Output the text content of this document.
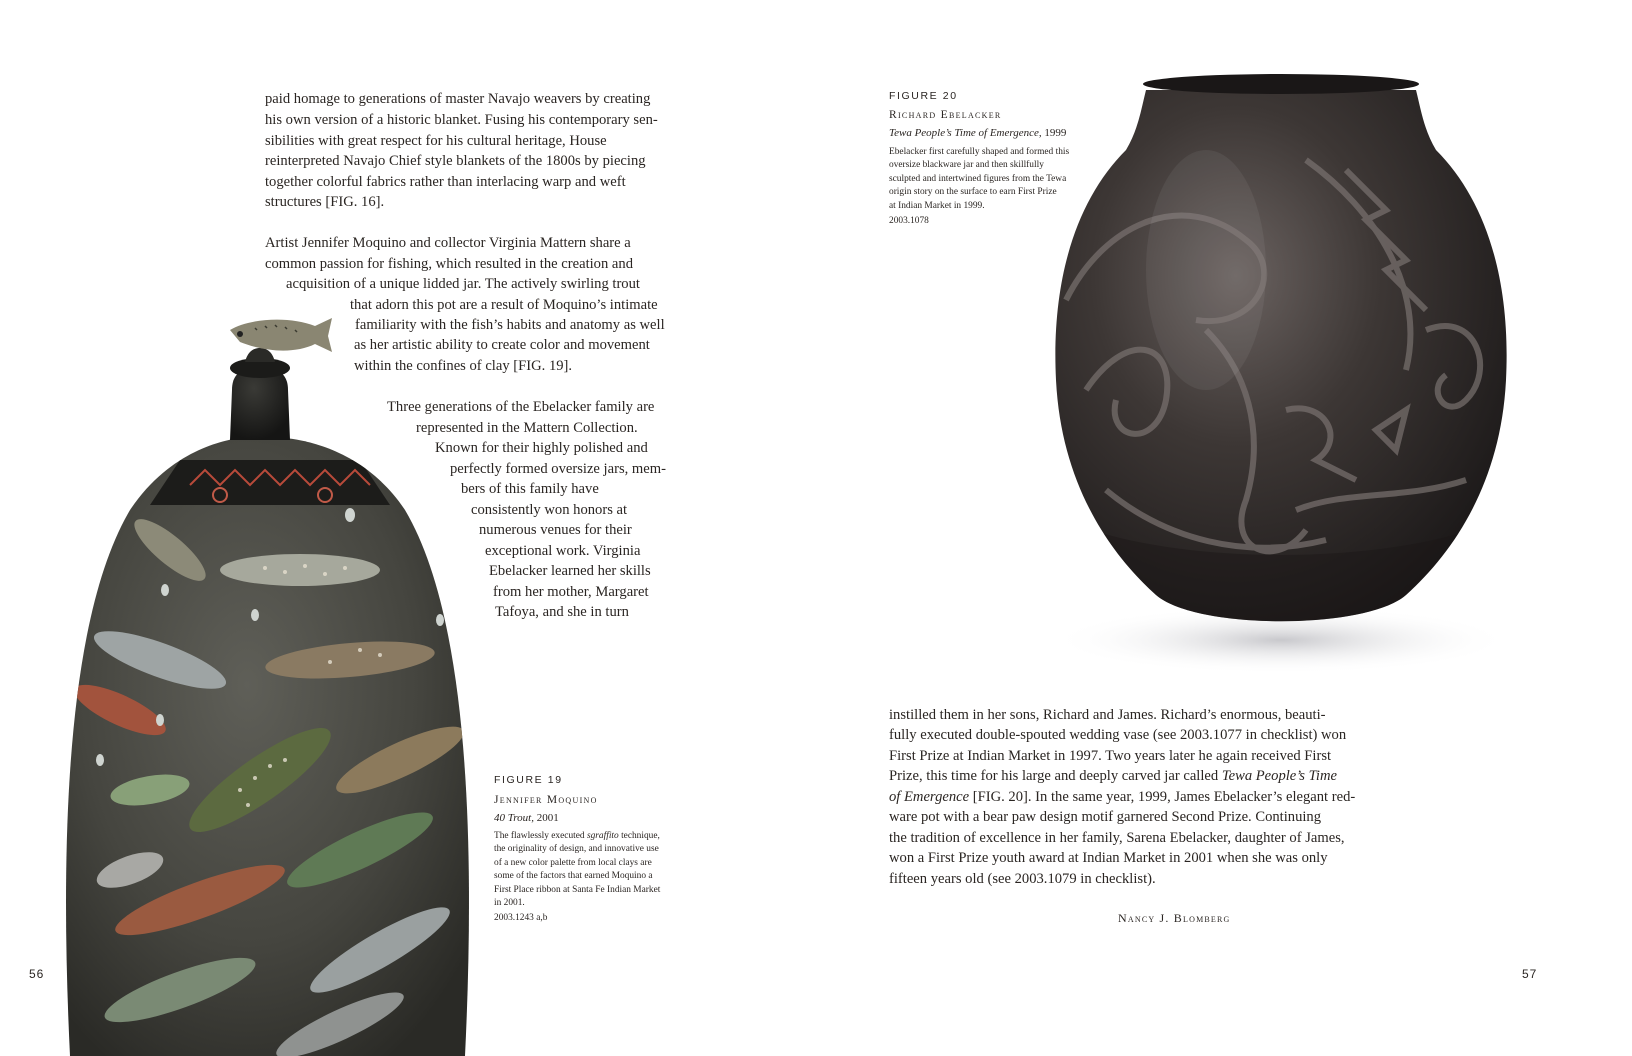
paid homage to generations of master Navajo weavers by creating
his own version of a historic blanket. Fusing his contemporary sen-
sibilities with great respect for his cultural heritage, House
reinterpreted Navajo Chief style blankets of the 1800s by piecing
together colorful fabrics rather than interlacing warp and weft
structures [FIG. 16].
Artist Jennifer Moquino and collector Virginia Mattern share a
common passion for fishing, which resulted in the creation and
acquisition of a unique lidded jar. The actively swirling trout
that adorn this pot are a result of Moquino’s intimate
familiarity with the fish’s habits and anatomy as well
as her artistic ability to create color and movement
within the confines of clay [FIG. 19].
Three generations of the Ebelacker family are
represented in the Mattern Collection.
Known for their highly polished and
perfectly formed oversize jars, mem-
bers of this family have
consistently won honors at
numerous venues for their
exceptional work. Virginia
Ebelacker learned her skills
from her mother, Margaret
Tafoya, and she in turn
FIGURE 19
Jennifer Moquino
40 Trout, 2001
The flawlessly executed sgraffito technique,
the originality of design, and innovative use
of a new color palette from local clays are
some of the factors that earned Moquino a
First Place ribbon at Santa Fe Indian Market
in 2001.
2003.1243 a,b
56
FIGURE 20
Richard Ebelacker
Tewa People’s Time of Emergence, 1999
Ebelacker first carefully shaped and formed this
oversize blackware jar and then skillfully
sculpted and intertwined figures from the Tewa
origin story on the surface to earn First Prize
at Indian Market in 1999.
2003.1078
instilled them in her sons, Richard and James. Richard’s enormous, beauti-
fully executed double-spouted wedding vase (see 2003.1077 in checklist) won
First Prize at Indian Market in 1997. Two years later he again received First
Prize, this time for his large and deeply carved jar called Tewa People’s Time
of Emergence [FIG. 20]. In the same year, 1999, James Ebelacker’s elegant red-
ware pot with a bear paw design motif garnered Second Prize. Continuing
the tradition of excellence in her family, Sarena Ebelacker, daughter of James,
won a First Prize youth award at Indian Market in 2001 when she was only
fifteen years old (see 2003.1079 in checklist).
Nancy J. Blomberg
57
